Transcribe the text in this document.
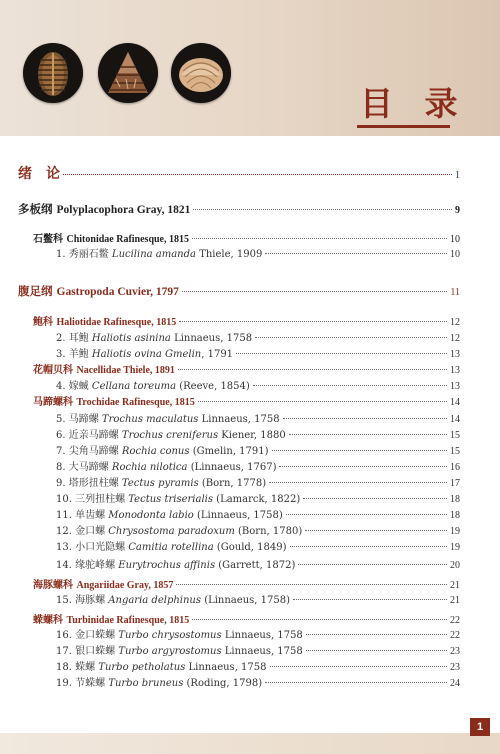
目 录
绪　论	1
多板纲 Polyplacophora Gray, 1821	9
石鳖科 Chitonidae Rafinesque, 1815	10
1. 秀丽石鳖 Lucilina amanda Thiele, 1909	10
腹足纲 Gastropoda Cuvier, 1797	11
鲍科 Haliotidae Rafinesque, 1815	12
2. 耳鲍 Haliotis asinina Linnaeus, 1758	12
3. 羊鲍 Haliotis ovina Gmelin, 1791	13
花帽贝科 Nacellidae Thiele, 1891	13
4. 嫁蝛 Cellana toreuma (Reeve, 1854)	13
马蹄螺科 Trochidae Rafinesque, 1815	14
5. 马蹄螺 Trochus maculatus Linnaeus, 1758	14
6. 近亲马蹄螺 Trochus creniferus Kiener, 1880	15
7. 尖角马蹄螺 Rochia conus (Gmelin, 1791)	15
8. 大马蹄螺 Rochia nilotica (Linnaeus, 1767)	16
9. 塔形扭柱螺 Tectus pyramis (Born, 1778)	17
10. 三列扭柱螺 Tectus triserialis (Lamarck, 1822)	18
11. 单齿螺 Monodonta labio (Linnaeus, 1758)	18
12. 金口螺 Chrysostoma paradoxum (Born, 1780)	19
13. 小口光隐螺 Camitia rotellina (Gould, 1849)	19
14. 缘驼峰螺 Eurytrochus affinis (Garrett, 1872)	20
海豚螺科 Angariidae Gray, 1857	21
15. 海豚螺 Angaria delphinus (Linnaeus, 1758)	21
蝾螺科 Turbinidae Rafinesque, 1815	22
16. 金口蝾螺 Turbo chrysostomus Linnaeus, 1758	22
17. 银口蝾螺 Turbo argyrostomus Linnaeus, 1758	23
18. 蝾螺 Turbo petholatus Linnaeus, 1758	23
19. 节蝾螺 Turbo bruneus (Roding, 1798)	24
1
